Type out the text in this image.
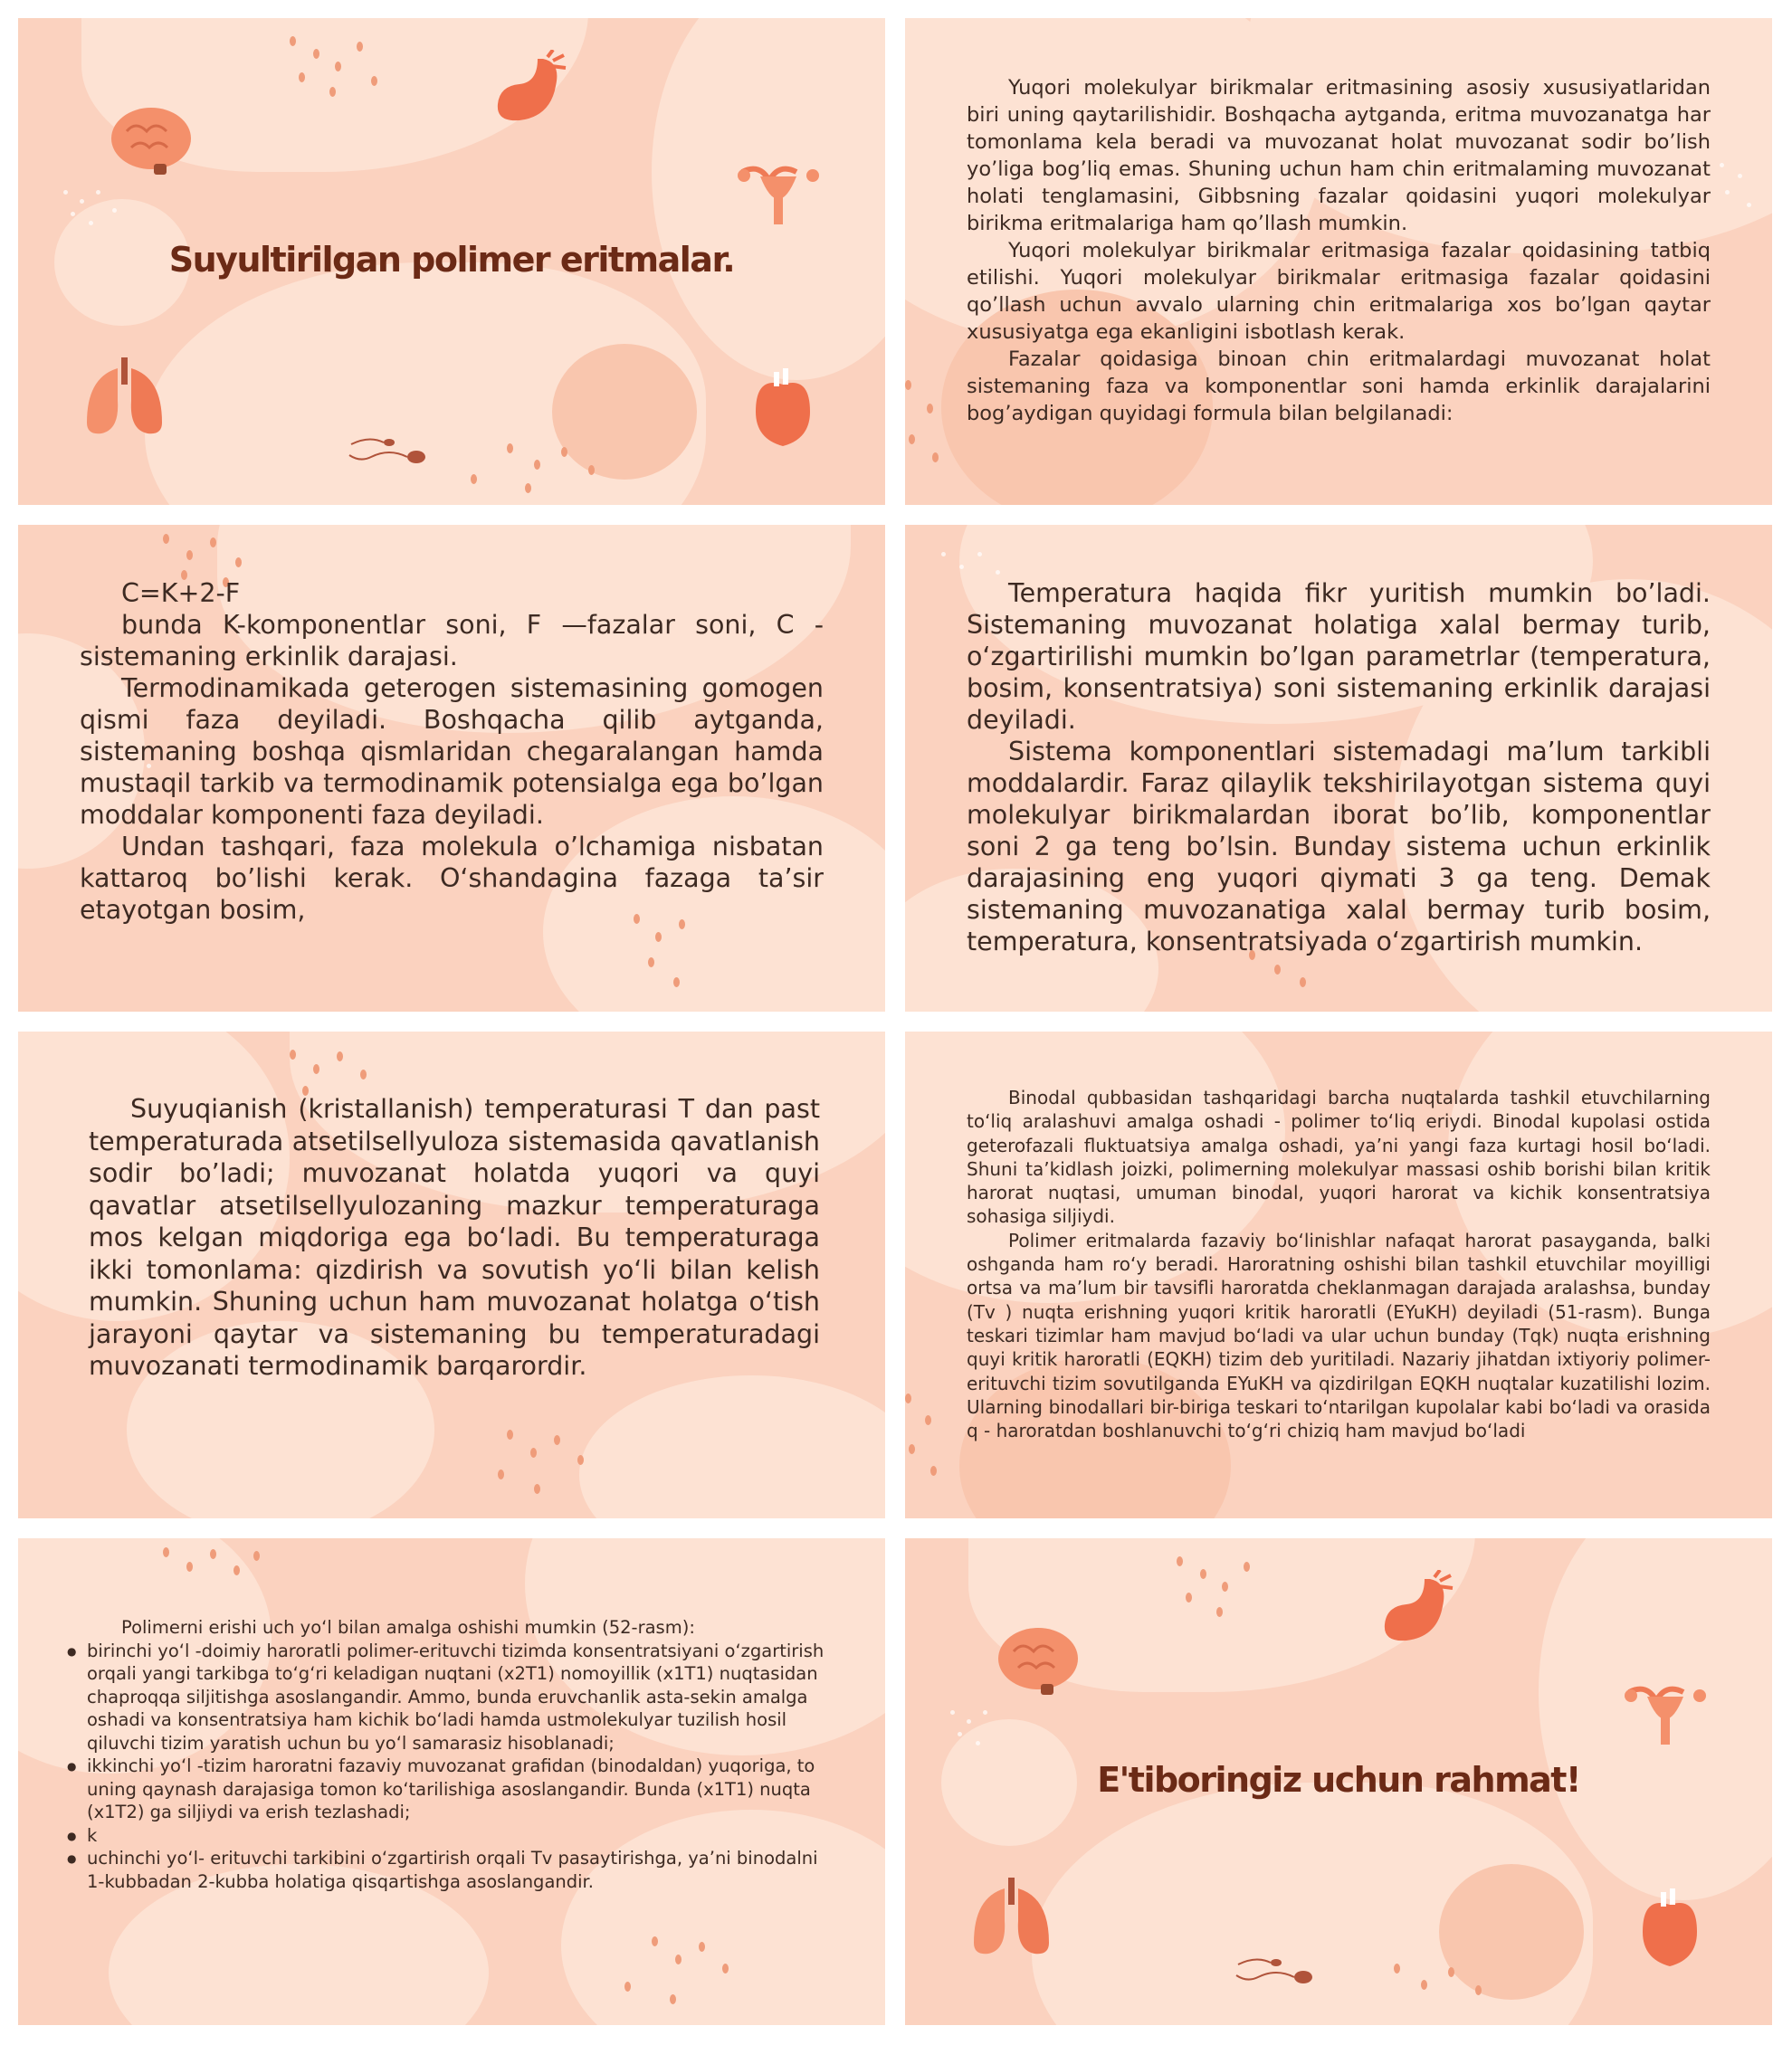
Suyultirilgan polimer eritmalar.

Yuqori molekulyar birikmalar eritmasining asosiy xususiyatlaridan biri uning qaytarilishidir. Boshqacha aytganda, eritma muvozanatga har tomonlama kela beradi va muvozanat holat muvozanat sodir bo’lish yo’liga bog’liq emas. Shuning uchun ham chin eritmalaming muvozanat holati tenglamasini, Gibbsning fazalar qoidasini yuqori molekulyar birikma eritmalariga ham qo’llash mumkin.

Yuqori molekulyar birikmalar eritmasiga fazalar qoidasining tatbiq etilishi. Yuqori molekulyar birikmalar eritmasiga fazalar qoidasini qo’llash uchun avvalo ularning chin eritmalariga xos bo’lgan qaytar xususiyatga ega ekanligini isbotlash kerak.

Fazalar qoidasiga binoan chin eritmalardagi muvozanat holat sistemaning faza va komponentlar soni hamda erkinlik darajalarini bog’aydigan quyidagi formula bilan belgilanadi:

C=K+2-F

bunda K-komponentlar soni, F —fazalar soni, C - sistemaning erkinlik darajasi.

Termodinamikada geterogen sistemasining gomogen qismi faza deyiladi. Boshqacha qilib aytganda, sistemaning boshqa qismlaridan chegaralangan hamda mustaqil tarkib va termodinamik potensialga ega bo’lgan moddalar komponenti faza deyiladi.

Undan tashqari, faza molekula o’lchamiga nisbatan kattaroq bo’lishi kerak. O‘shandagina fazaga ta’sir etayotgan bosim,

Temperatura haqida fikr yuritish mumkin bo’ladi. Sistemaning muvozanat holatiga xalal bermay turib, o‘zgartirilishi mumkin bo’lgan parametrlar (temperatura, bosim, konsentratsiya) soni sistemaning erkinlik darajasi deyiladi.

Sistema komponentlari sistemadagi ma’lum tarkibli moddalardir. Faraz qilaylik tekshirilayotgan sistema quyi molekulyar birikmalardan iborat bo’lib, komponentlar soni 2 ga teng bo’lsin. Bunday sistema uchun erkinlik darajasining eng yuqori qiymati 3 ga teng. Demak sistemaning muvozanatiga xalal bermay turib bosim, temperatura, konsentratsiyada o‘zgartirish mumkin.

Suyuqianish (kristallanish) temperaturasi T dan past temperaturada atsetilsellyuloza sistemasida qavatlanish sodir bo’ladi; muvozanat holatda yuqori va quyi qavatlar atsetilsellyulozaning mazkur temperaturaga mos kelgan miqdoriga ega bo‘ladi. Bu temperaturaga ikki tomonlama: qizdirish va sovutish yo‘li bilan kelish mumkin. Shuning uchun ham muvozanat holatga o‘tish jarayoni qaytar va sistemaning bu temperaturadagi muvozanati termodinamik barqarordir.

Binodal qubbasidan tashqaridagi barcha nuqtalarda tashkil etuvchilarning to‘liq aralashuvi amalga oshadi - polimer to‘liq eriydi. Binodal kupolasi ostida geterofazali fluktuatsiya amalga oshadi, ya’ni yangi faza kurtagi hosil bo‘ladi. Shuni ta’kidlash joizki, polimerning molekulyar massasi oshib borishi bilan kritik harorat nuqtasi, umuman binodal, yuqori harorat va kichik konsentratsiya sohasiga siljiydi.

Polimer eritmalarda fazaviy bo‘linishlar nafaqat harorat pasayganda, balki oshganda ham ro‘y beradi. Haroratning oshishi bilan tashkil etuvchilar moyilligi ortsa va ma’lum bir tavsifli haroratda cheklanmagan darajada aralashsa, bunday (Tv ) nuqta erishning yuqori kritik haroratli (EYuKH) deyiladi (51-rasm). Bunga teskari tizimlar ham mavjud bo‘ladi va ular uchun bunday (Tqk) nuqta erishning quyi kritik haroratli (EQKH) tizim deb yuritiladi. Nazariy jihatdan ixtiyoriy polimer-erituvchi tizim sovutilganda EYuKH va qizdirilgan EQKH nuqtalar kuzatilishi lozim. Ularning binodallari bir-biriga teskari to‘ntarilgan kupolalar kabi bo‘ladi va orasida q - haroratdan boshlanuvchi to‘g‘ri chiziq ham mavjud bo‘ladi

Polimerni erishi uch yo‘l bilan amalga oshishi mumkin (52-rasm):

● birinchi yo‘l -doimiy haroratli polimer-erituvchi tizimda konsentratsiyani o‘zgartirish orqali yangi tarkibga to‘g‘ri keladigan nuqtani (x2T1) nomoyillik (x1T1) nuqtasidan chaproqqa siljitishga asoslangandir. Ammo, bunda eruvchanlik asta-sekin amalga oshadi va konsentratsiya ham kichik bo‘ladi hamda ustmolekulyar tuzilish hosil qiluvchi tizim yaratish uchun bu yo‘l samarasiz hisoblanadi;
● ikkinchi yo‘l -tizim haroratni fazaviy muvozanat grafidan (binodaldan) yuqoriga, to uning qaynash darajasiga tomon ko‘tarilishiga asoslangandir. Bunda (x1T1) nuqta (x1T2) ga siljiydi va erish tezlashadi;
● k
● uchinchi yo‘l- erituvchi tarkibini o‘zgartirish orqali Tv pasaytirishga, ya’ni binodalni 1-kubbadan 2-kubba holatiga qisqartishga asoslangandir.
E'tiboringiz uchun rahmat!
